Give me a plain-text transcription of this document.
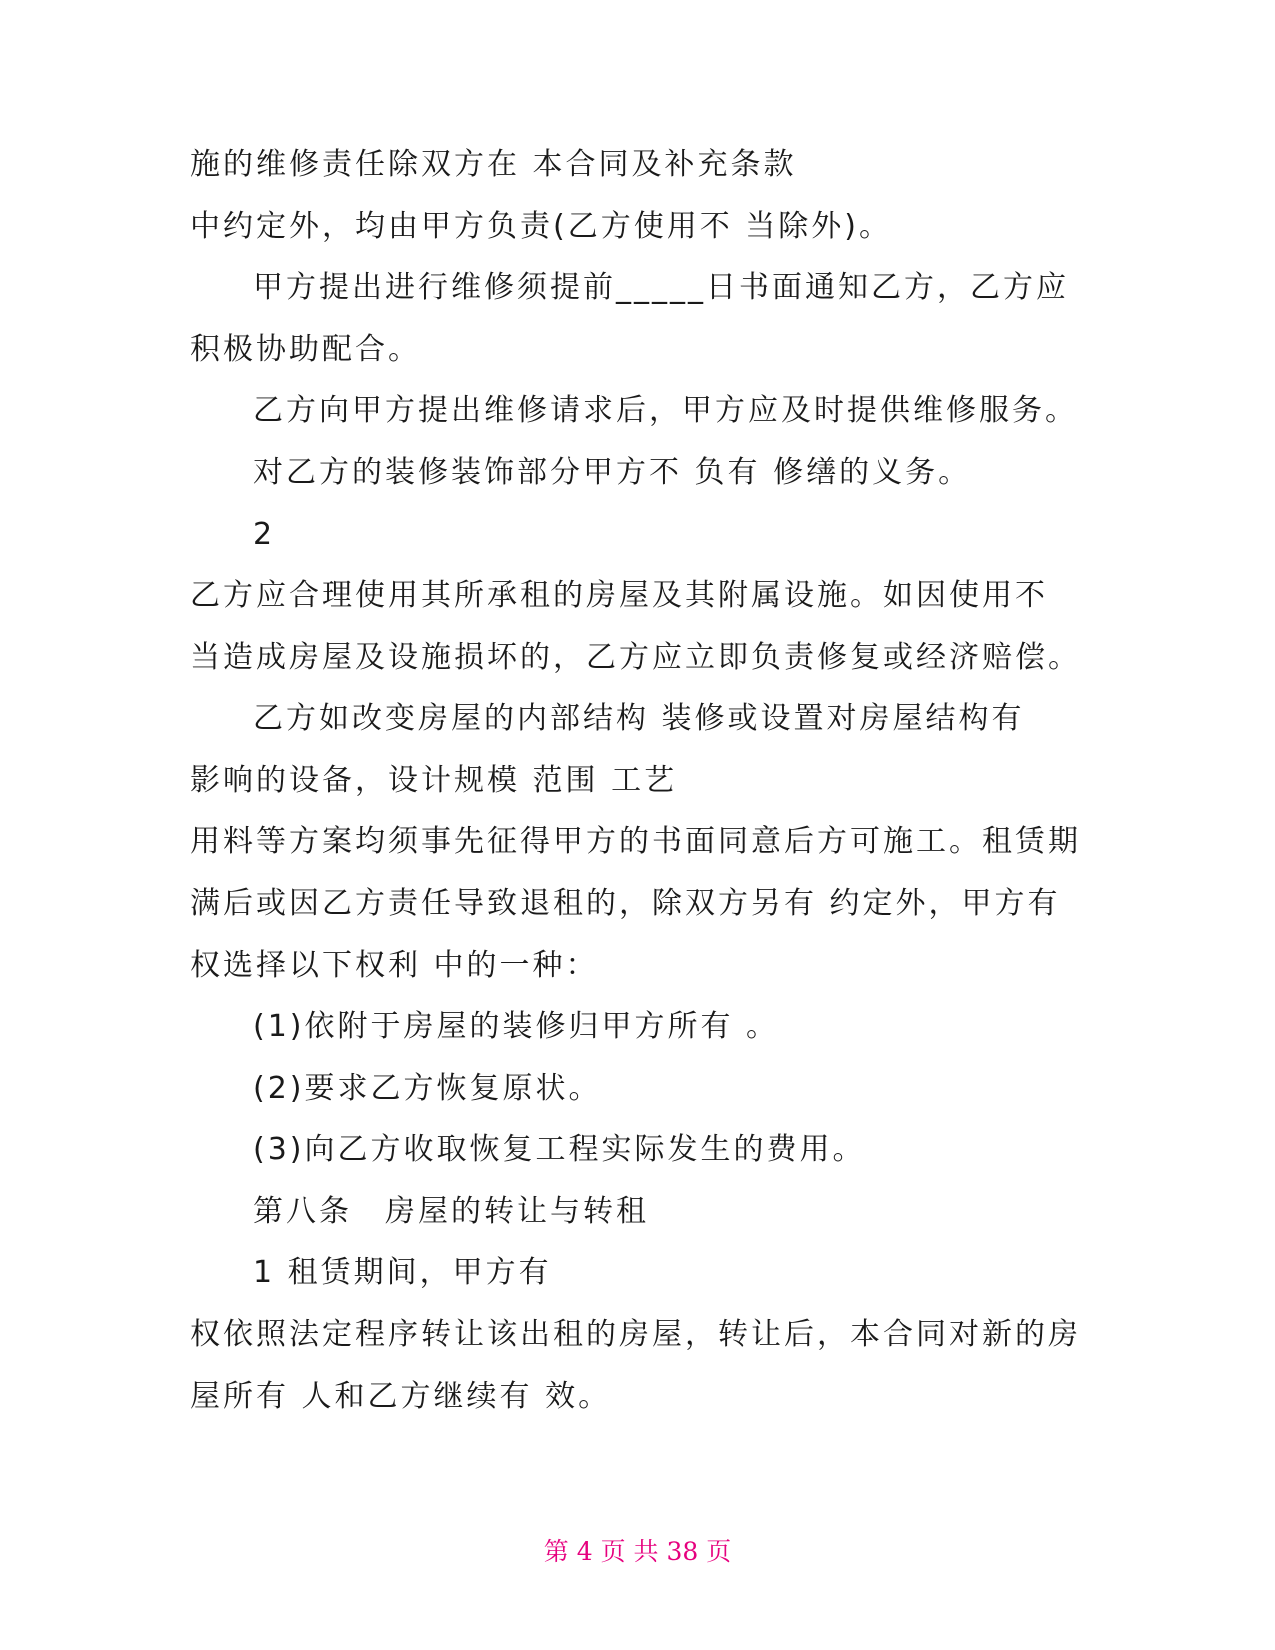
施的维修责任除双方在 本合同及补充条款
中约定外，均由甲方负责(乙方使用不 当除外)。
甲方提出进行维修须提前_____日书面通知乙方，乙方应
积极协助配合。
乙方向甲方提出维修请求后，甲方应及时提供维修服务。
对乙方的装修装饰部分甲方不 负有 修缮的义务。
2
乙方应合理使用其所承租的房屋及其附属设施。如因使用不
当造成房屋及设施损坏的，乙方应立即负责修复或经济赔偿。
乙方如改变房屋的内部结构 装修或设置对房屋结构有
影响的设备，设计规模 范围 工艺
用料等方案均须事先征得甲方的书面同意后方可施工。租赁期
满后或因乙方责任导致退租的，除双方另有 约定外，甲方有
权选择以下权利 中的一种：
(1)依附于房屋的装修归甲方所有 。
(2)要求乙方恢复原状。
(3)向乙方收取恢复工程实际发生的费用。
第八条　房屋的转让与转租
1 租赁期间，甲方有
权依照法定程序转让该出租的房屋，转让后，本合同对新的房
屋所有 人和乙方继续有 效。
第 4 页 共 38 页
